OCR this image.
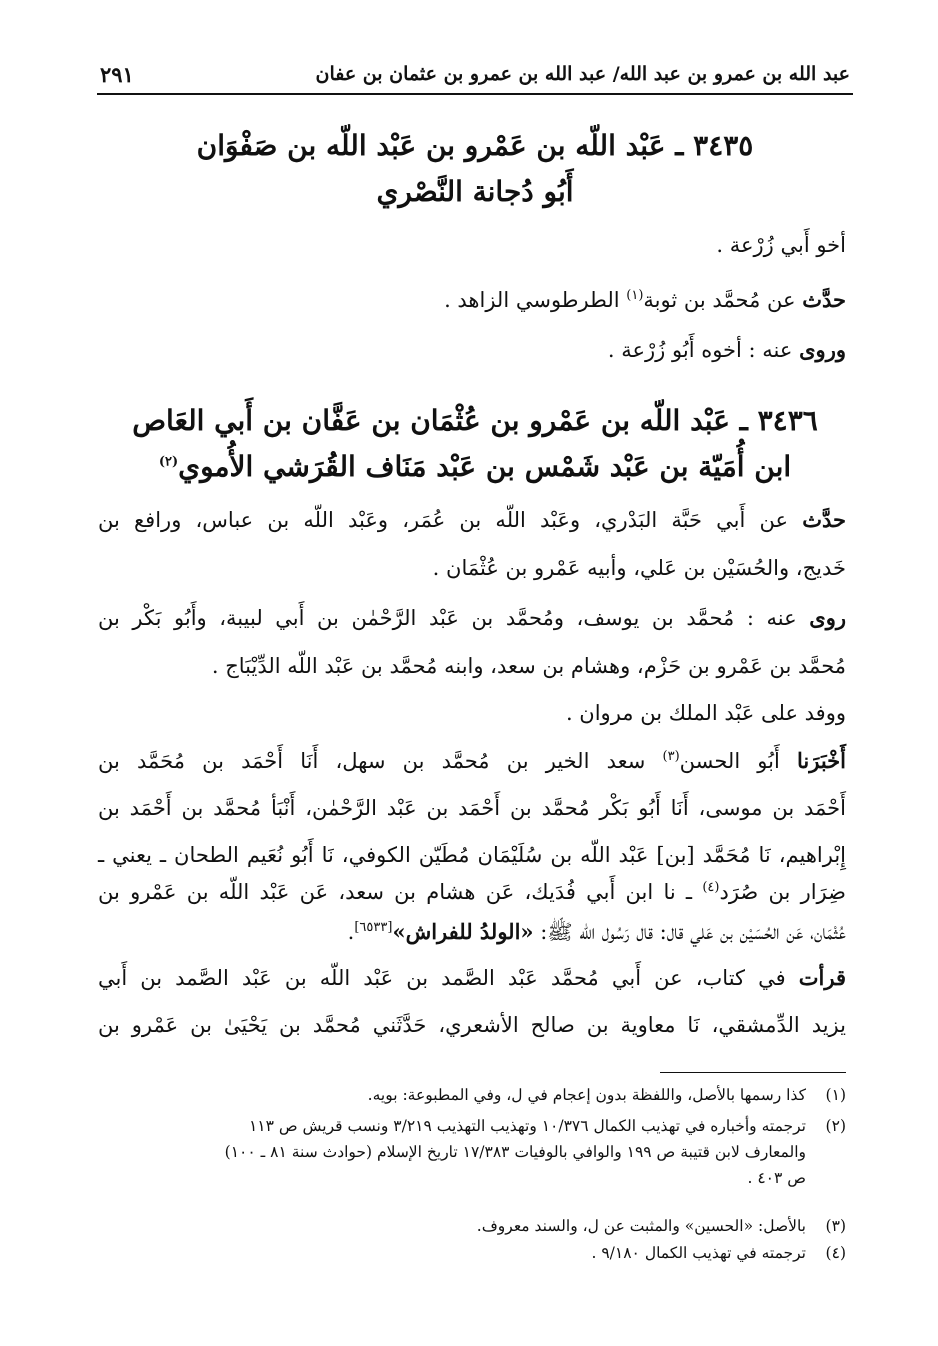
عبد الله بن عمرو بن عبد الله/ عبد الله بن عمرو بن عثمان بن عفان
٢٩١
٣٤٣٥ ـ عَبْد اللّه بن عَمْرو بن عَبْد اللّه بن صَفْوَان
أَبُو دُجانة النَّصْري
أخو أَبي زُرْعة .
حدَّث عن مُحمَّد بن ثوبة$^{(١)}$ الطرطوسي الزاهد .
وروى عنه : أخوه أَبُو زُرْعة .
٣٤٣٦ ـ عَبْد اللّه بن عَمْرو بن عُثْمَان بن عَفَّان بن أَبي العَاص
ابن أُمَيّة بن عَبْد شَمْس بن عَبْد مَنَاف القُرَشي الأُموي$^{(٢)}$
حدَّث عن أَبي حَبَّة البَدْري، وعَبْد اللّه بن عُمَر، وعَبْد اللّه بن عباس، ورافع بن
خَديج، والحُسَيْن بن عَلي، وأبيه عَمْرو بن عُثْمَان .
روى عنه : مُحمَّد بن يوسف، ومُحمَّد بن عَبْد الرَّحْمٰن بن أَبي لبيبة، وأَبُو بَكْر بن
مُحمَّد بن عَمْرو بن حَزْم، وهشام بن سعد، وابنه مُحمَّد بن عَبْد اللّه الدِّيْبَاج .
ووفد على عَبْد الملك بن مروان .
أَخْبَرَنا أَبُو الحسن$^{(٣)}$ سعد الخير بن مُحمَّد بن سهل، أَنَا أَحْمَد بن مُحَمَّد بن
أَحْمَد بن موسى، أَنَا أَبُو بَكْر مُحمَّد بن أَحْمَد بن عَبْد الرَّحْمٰن، أَنْبَأ مُحمَّد بن أَحْمَد بن
إِبْراهيم، نَا مُحَمَّد [بن] عَبْد اللّه بن سُلَيْمَان مُطَيّن الكوفي، نَا أَبُو نُعَيم الطحان ـ يعني ـ
ضِرَار بن صُرَد$^{(٤)}$ ـ نا ابن أَبي فُدَيك، عَن هشام بن سعد، عَن عَبْد اللّه بن عَمْرو بن
عُثْمَان، عَن الحُسَيْن بن عَلي قال: قال رَسُول اللّه ﷺ: «الولدُ للفراش»[٦٥٣٣].
قرأت في كتاب، عن أَبي مُحمَّد عَبْد الصَّمد بن عَبْد اللّه بن عَبْد الصَّمد بن أَبي
يزيد الدِّمشقي، نَا معاوية بن صالح الأشعري، حَدَّثَني مُحمَّد بن يَحْيَىٰ بن عَمْرو بن
(١)كذا رسمها بالأصل، واللفظة بدون إعجام في ل، وفي المطبوعة: بويه.
(٢)ترجمته وأخباره في تهذيب الكمال ١٠/٣٧٦ وتهذيب التهذيب ٣/٢١٩ ونسب قريش ص ١١٣
والمعارف لابن قتيبة ص ١٩٩ والوافي بالوفيات ١٧/٣٨٣ تاريخ الإسلام (حوادث سنة ٨١ ـ ١٠٠)
ص ٤٠٣ .
(٣)بالأصل: «الحسين» والمثبت عن ل، والسند معروف.
(٤)ترجمته في تهذيب الكمال ٩/١٨٠ .
